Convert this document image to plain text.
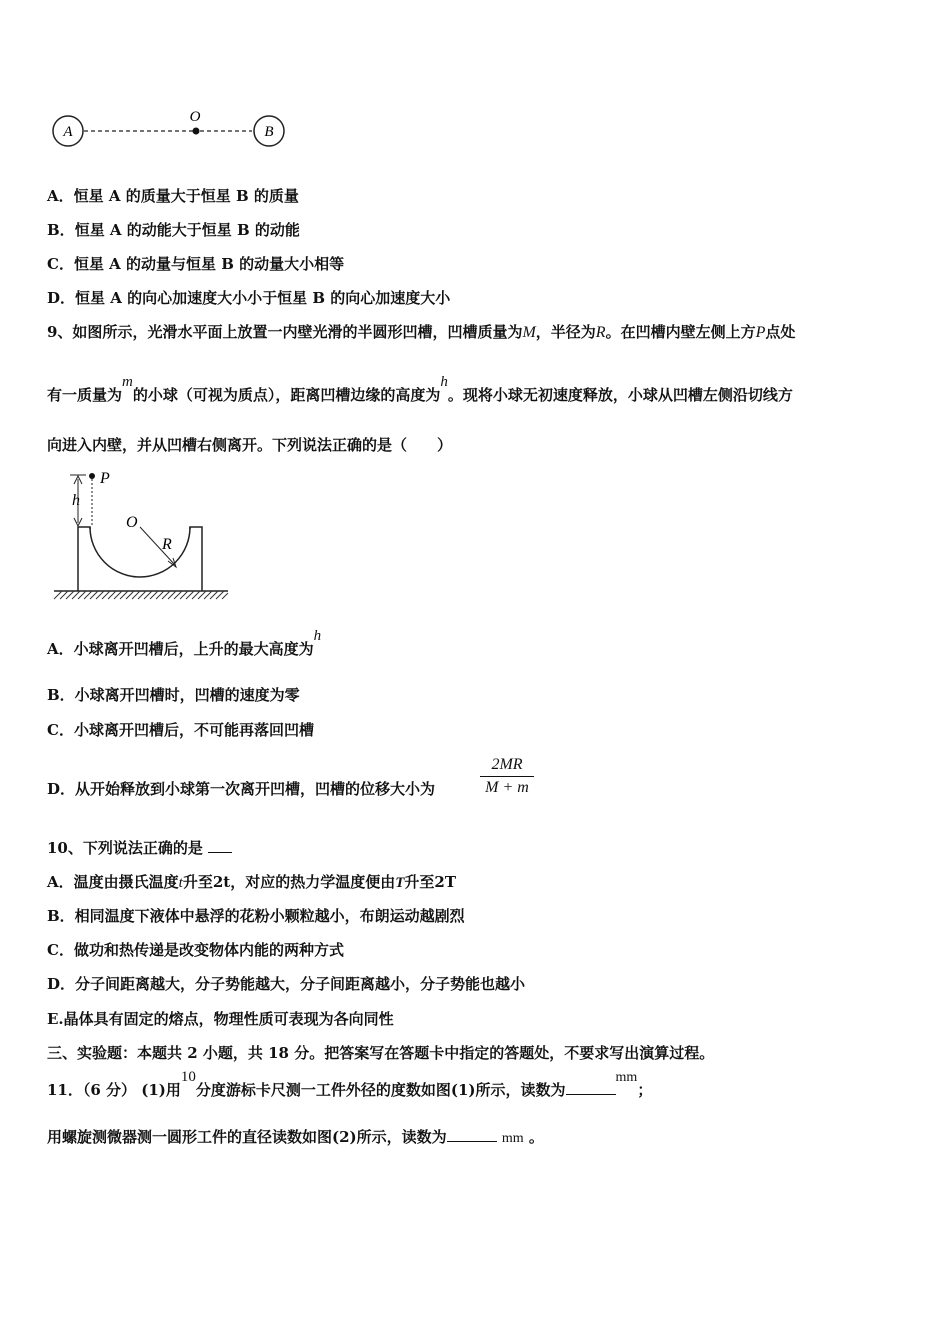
A
O
B
A．恒星 A 的质量大于恒星 B 的质量
B．恒星 A 的动能大于恒星 B 的动能
C．恒星 A 的动量与恒星 B 的动量大小相等
D．恒星 A 的向心加速度大小小于恒星 B 的向心加速度大小
9、如图所示，光滑水平面上放置一内壁光滑的半圆形凹槽，凹槽质量为M，半径为R。在凹槽内壁左侧上方P点处
有一质量为m的小球（可视为质点），距离凹槽边缘的高度为h。现将小球无初速度释放，小球从凹槽左侧沿切线方
向进入内壁，并从凹槽右侧离开。下列说法正确的是（　　）
P
h
O
R
A．小球离开凹槽后，上升的最大高度为h
B．小球离开凹槽时，凹槽的速度为零
C．小球离开凹槽后，不可能再落回凹槽
D．从开始释放到小球第一次离开凹槽，凹槽的位移大小为
2MR
M + m
10、下列说法正确的是
A．温度由摄氏温度t升至2t，对应的热力学温度便由T升至2T
B．相同温度下液体中悬浮的花粉小颗粒越小，布朗运动越剧烈
C．做功和热传递是改变物体内能的两种方式
D．分子间距离越大，分子势能越大，分子间距离越小，分子势能也越小
E.晶体具有固定的熔点，物理性质可表现为各向同性
三、实验题：本题共 2 小题，共 18 分。把答案写在答题卡中指定的答题处，不要求写出演算过程。
11．（6 分） (1)用10分度游标卡尺测一工件外径的度数如图(1)所示，读数为mm；
用螺旋测微器测一圆形工件的直径读数如图(2)所示，读数为	mm 。
